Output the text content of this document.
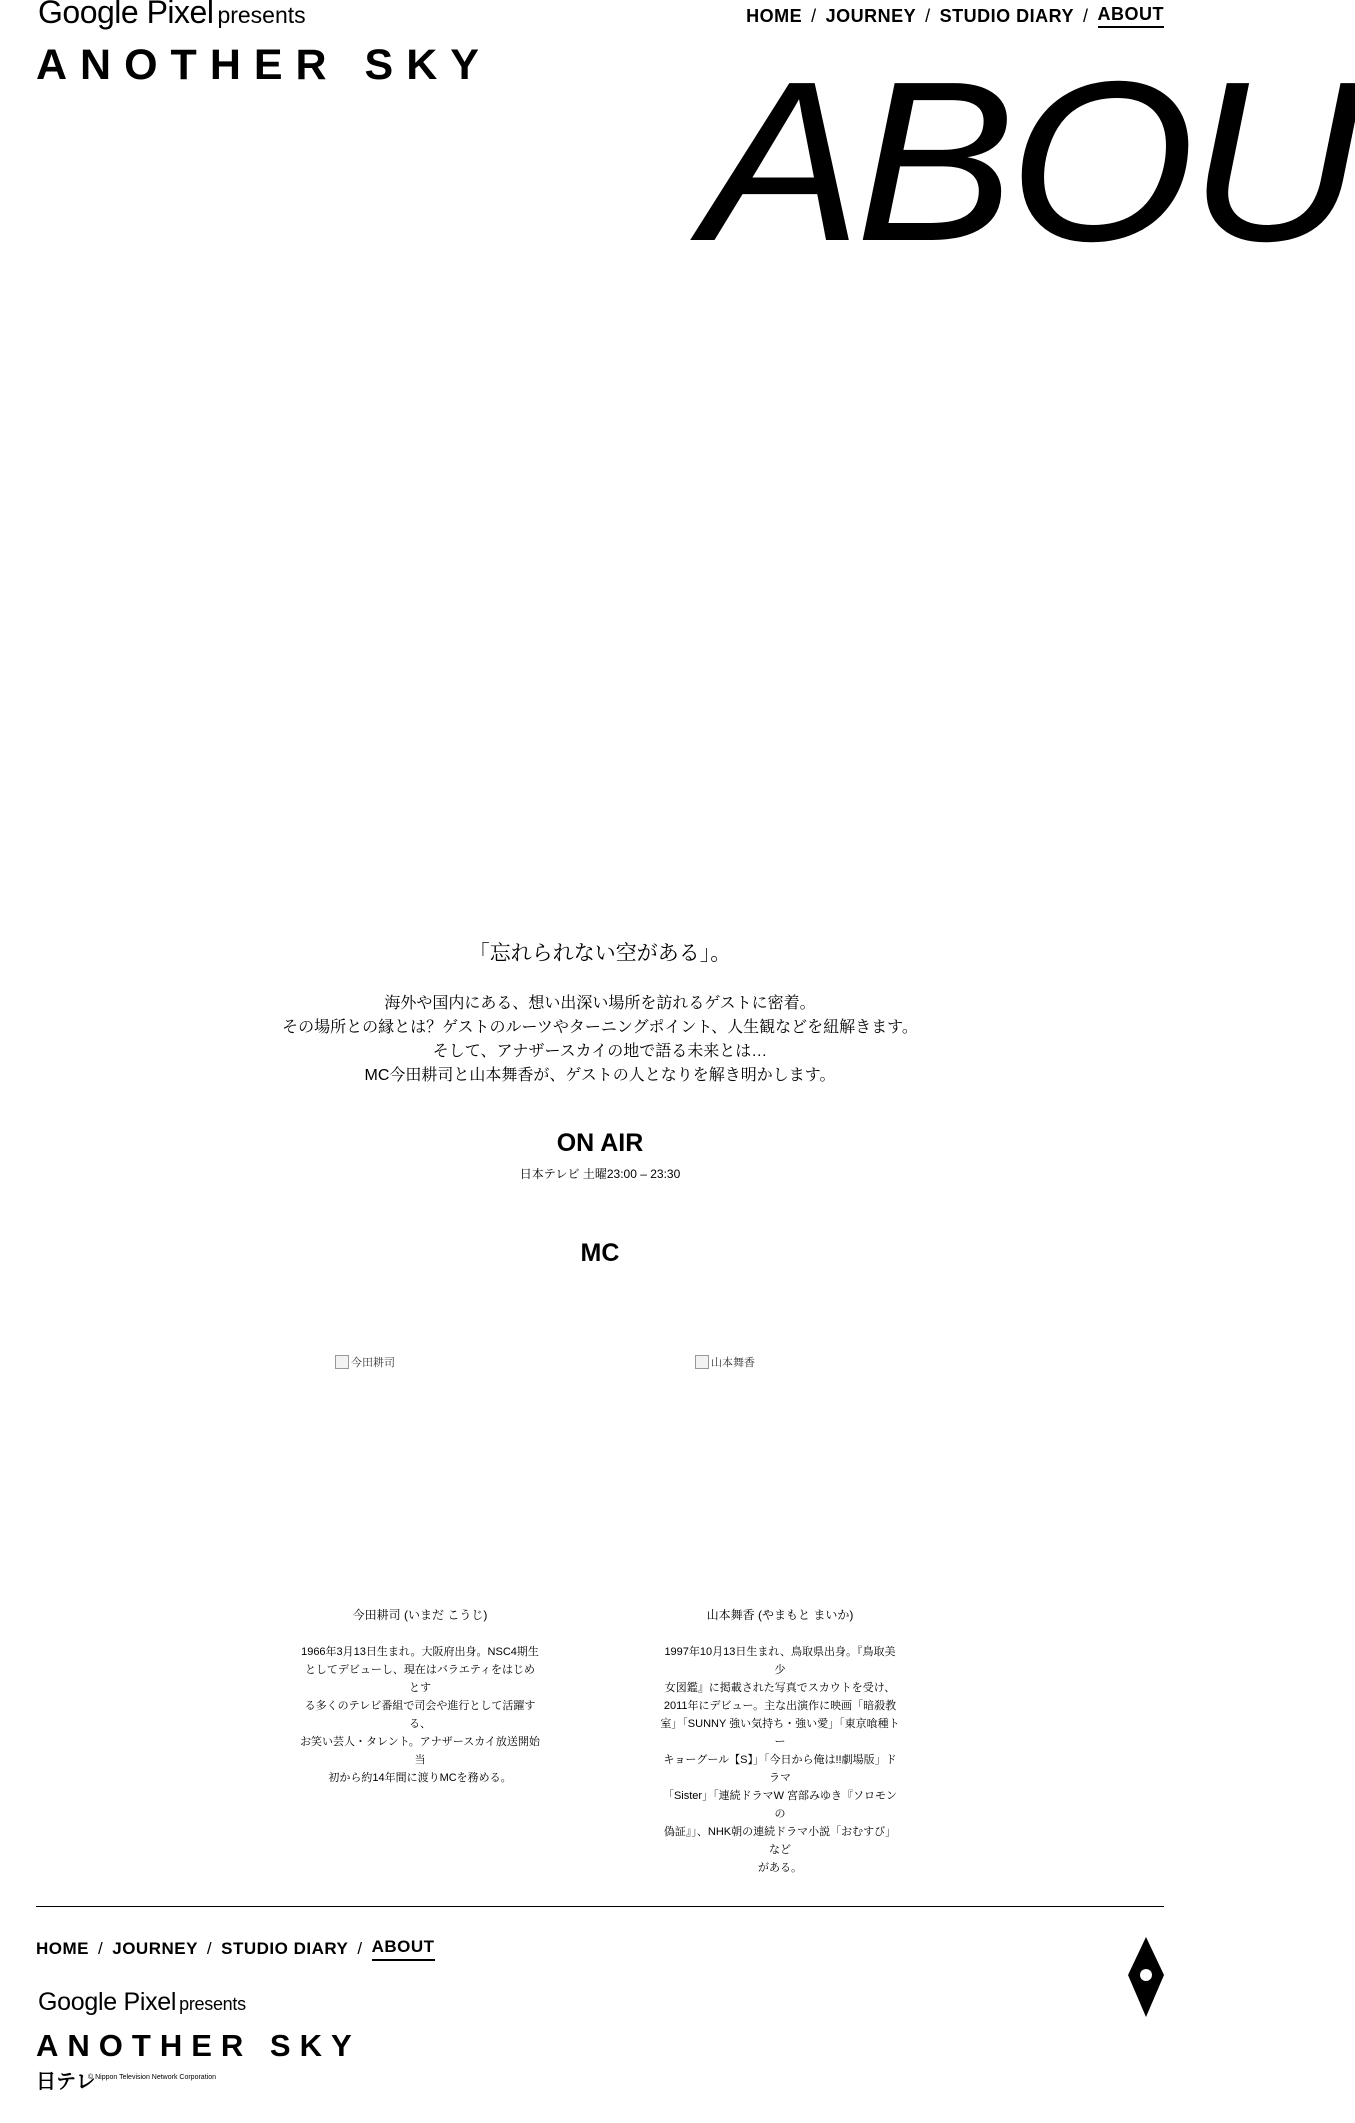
Google Pixel presents
ANOTHER SKY
HOME / JOURNEY / STUDIO DIARY / ABOUT
ABOU
「忘れられない空がある」。
海外や国内にある、想い出深い場所を訪れるゲストに密着。
その場所との縁とは？ゲストのルーツやターニングポイント、人生観などを紐解きます。
そして、アナザースカイの地で語る未来とは…
MC今田耕司と山本舞香が、ゲストの人となりを解き明かします。
ON AIR
日本テレビ 土曜23:00 – 23:30
MC
今田耕司
今田耕司 (いまだ こうじ)
1966年3月13日生まれ。大阪府出身。NSC4期生
としてデビューし、現在はバラエティをはじめとす
る多くのテレビ番組で司会や進行として活躍する、
お笑い芸人・タレント。アナザースカイ放送開始当
初から約14年間に渡りMCを務める。
山本舞香
山本舞香 (やまもと まいか)
1997年10月13日生まれ、鳥取県出身。『鳥取美少
女図鑑』に掲載された写真でスカウトを受け、
2011年にデビュー。主な出演作に映画「暗殺教
室」「SUNNY 強い気持ち・強い愛」「東京喰種トー
キョーグール【S】」「今日から俺は!!劇場版」ドラマ
「Sister」「連続ドラマW 宮部みゆき『ソロモンの
偽証』」、NHK朝の連続ドラマ小説「おむすび」など
がある。
HOME / JOURNEY / STUDIO DIARY / ABOUT
Google Pixel presents
ANOTHER SKY
日テレ
© Nippon Television Network Corporation
